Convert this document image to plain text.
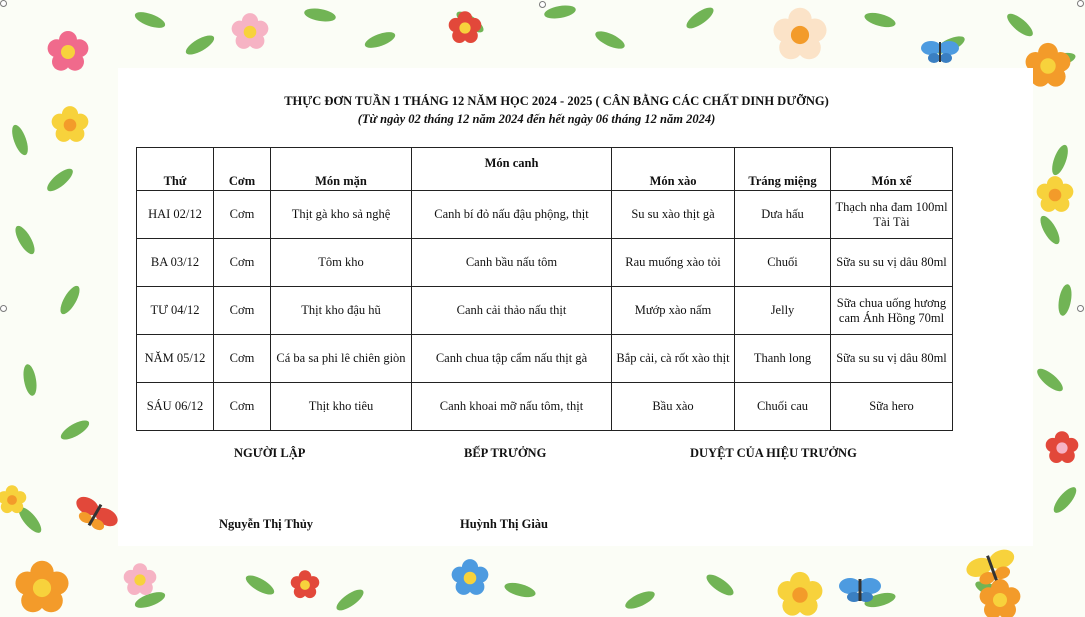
THỰC ĐƠN TUẦN 1 THÁNG 12 NĂM HỌC 2024 - 2025 ( CÂN BẰNG CÁC CHẤT DINH DƯỠNG)
(Từ ngày 02 tháng 12 năm 2024 đến hết ngày 06 tháng 12 năm 2024)
Thứ	Cơm	Món mặn	Món canh	Món xào	Tráng miệng	Món xế
HAI 02/12	Cơm	Thịt gà kho sả nghệ	Canh bí đỏ nấu đậu phộng, thịt	Su su xào thịt gà	Dưa hấu	Thạch nha đam 100ml Tài Tài
BA 03/12	Cơm	Tôm kho	Canh bầu nấu tôm	Rau muống xào tỏi	Chuối	Sữa su su vị dâu 80ml
TƯ 04/12	Cơm	Thịt kho đậu hũ	Canh cải thảo nấu thịt	Mướp xào nấm	Jelly	Sữa chua uống hương cam Ánh Hồng 70ml
NĂM 05/12	Cơm	Cá ba sa phi lê chiên giòn	Canh chua tập cẩm nấu thịt gà	Bắp cải, cà rốt xào thịt	Thanh long	Sữa su su vị dâu 80ml
SÁU 06/12	Cơm	Thịt kho tiêu	Canh khoai mỡ nấu tôm, thịt	Bầu xào	Chuối cau	Sữa hero
NGƯỜI LẬP	BẾP TRƯỞNG	DUYỆT CỦA HIỆU TRƯỞNG
Nguyễn Thị Thủy	Huỳnh Thị Giàu
